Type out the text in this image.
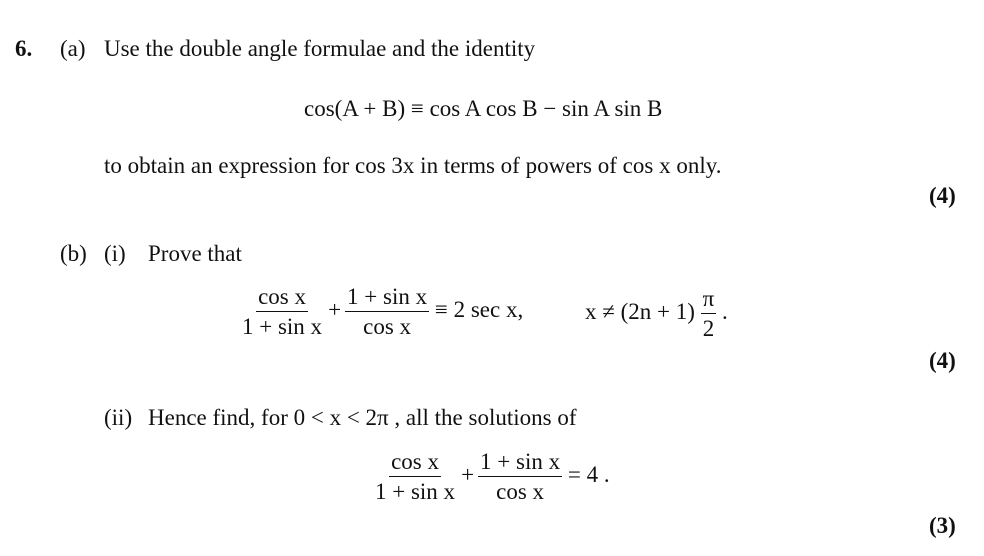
6. (a) Use the double angle formulae and the identity
cos(A + B) ≡ cos A cos B − sin A sin B
to obtain an expression for cos 3x in terms of powers of cos x only.
(4)
(b) (i) Prove that
$\frac{\text{cos x}}{\text{1 + sin x}} + \frac{\text{1 + sin x}}{\text{cos x}} \equiv 2$ sec x,	$x \ne (2n + 1) \frac{\pi}{2}$ .
(4)
(ii) Hence find, for 0 < x < 2π , all the solutions of
$\frac{\text{cos x}}{\text{1 + sin x}} + \frac{\text{1 + sin x}}{\text{cos x}} = 4$ .
(3)
